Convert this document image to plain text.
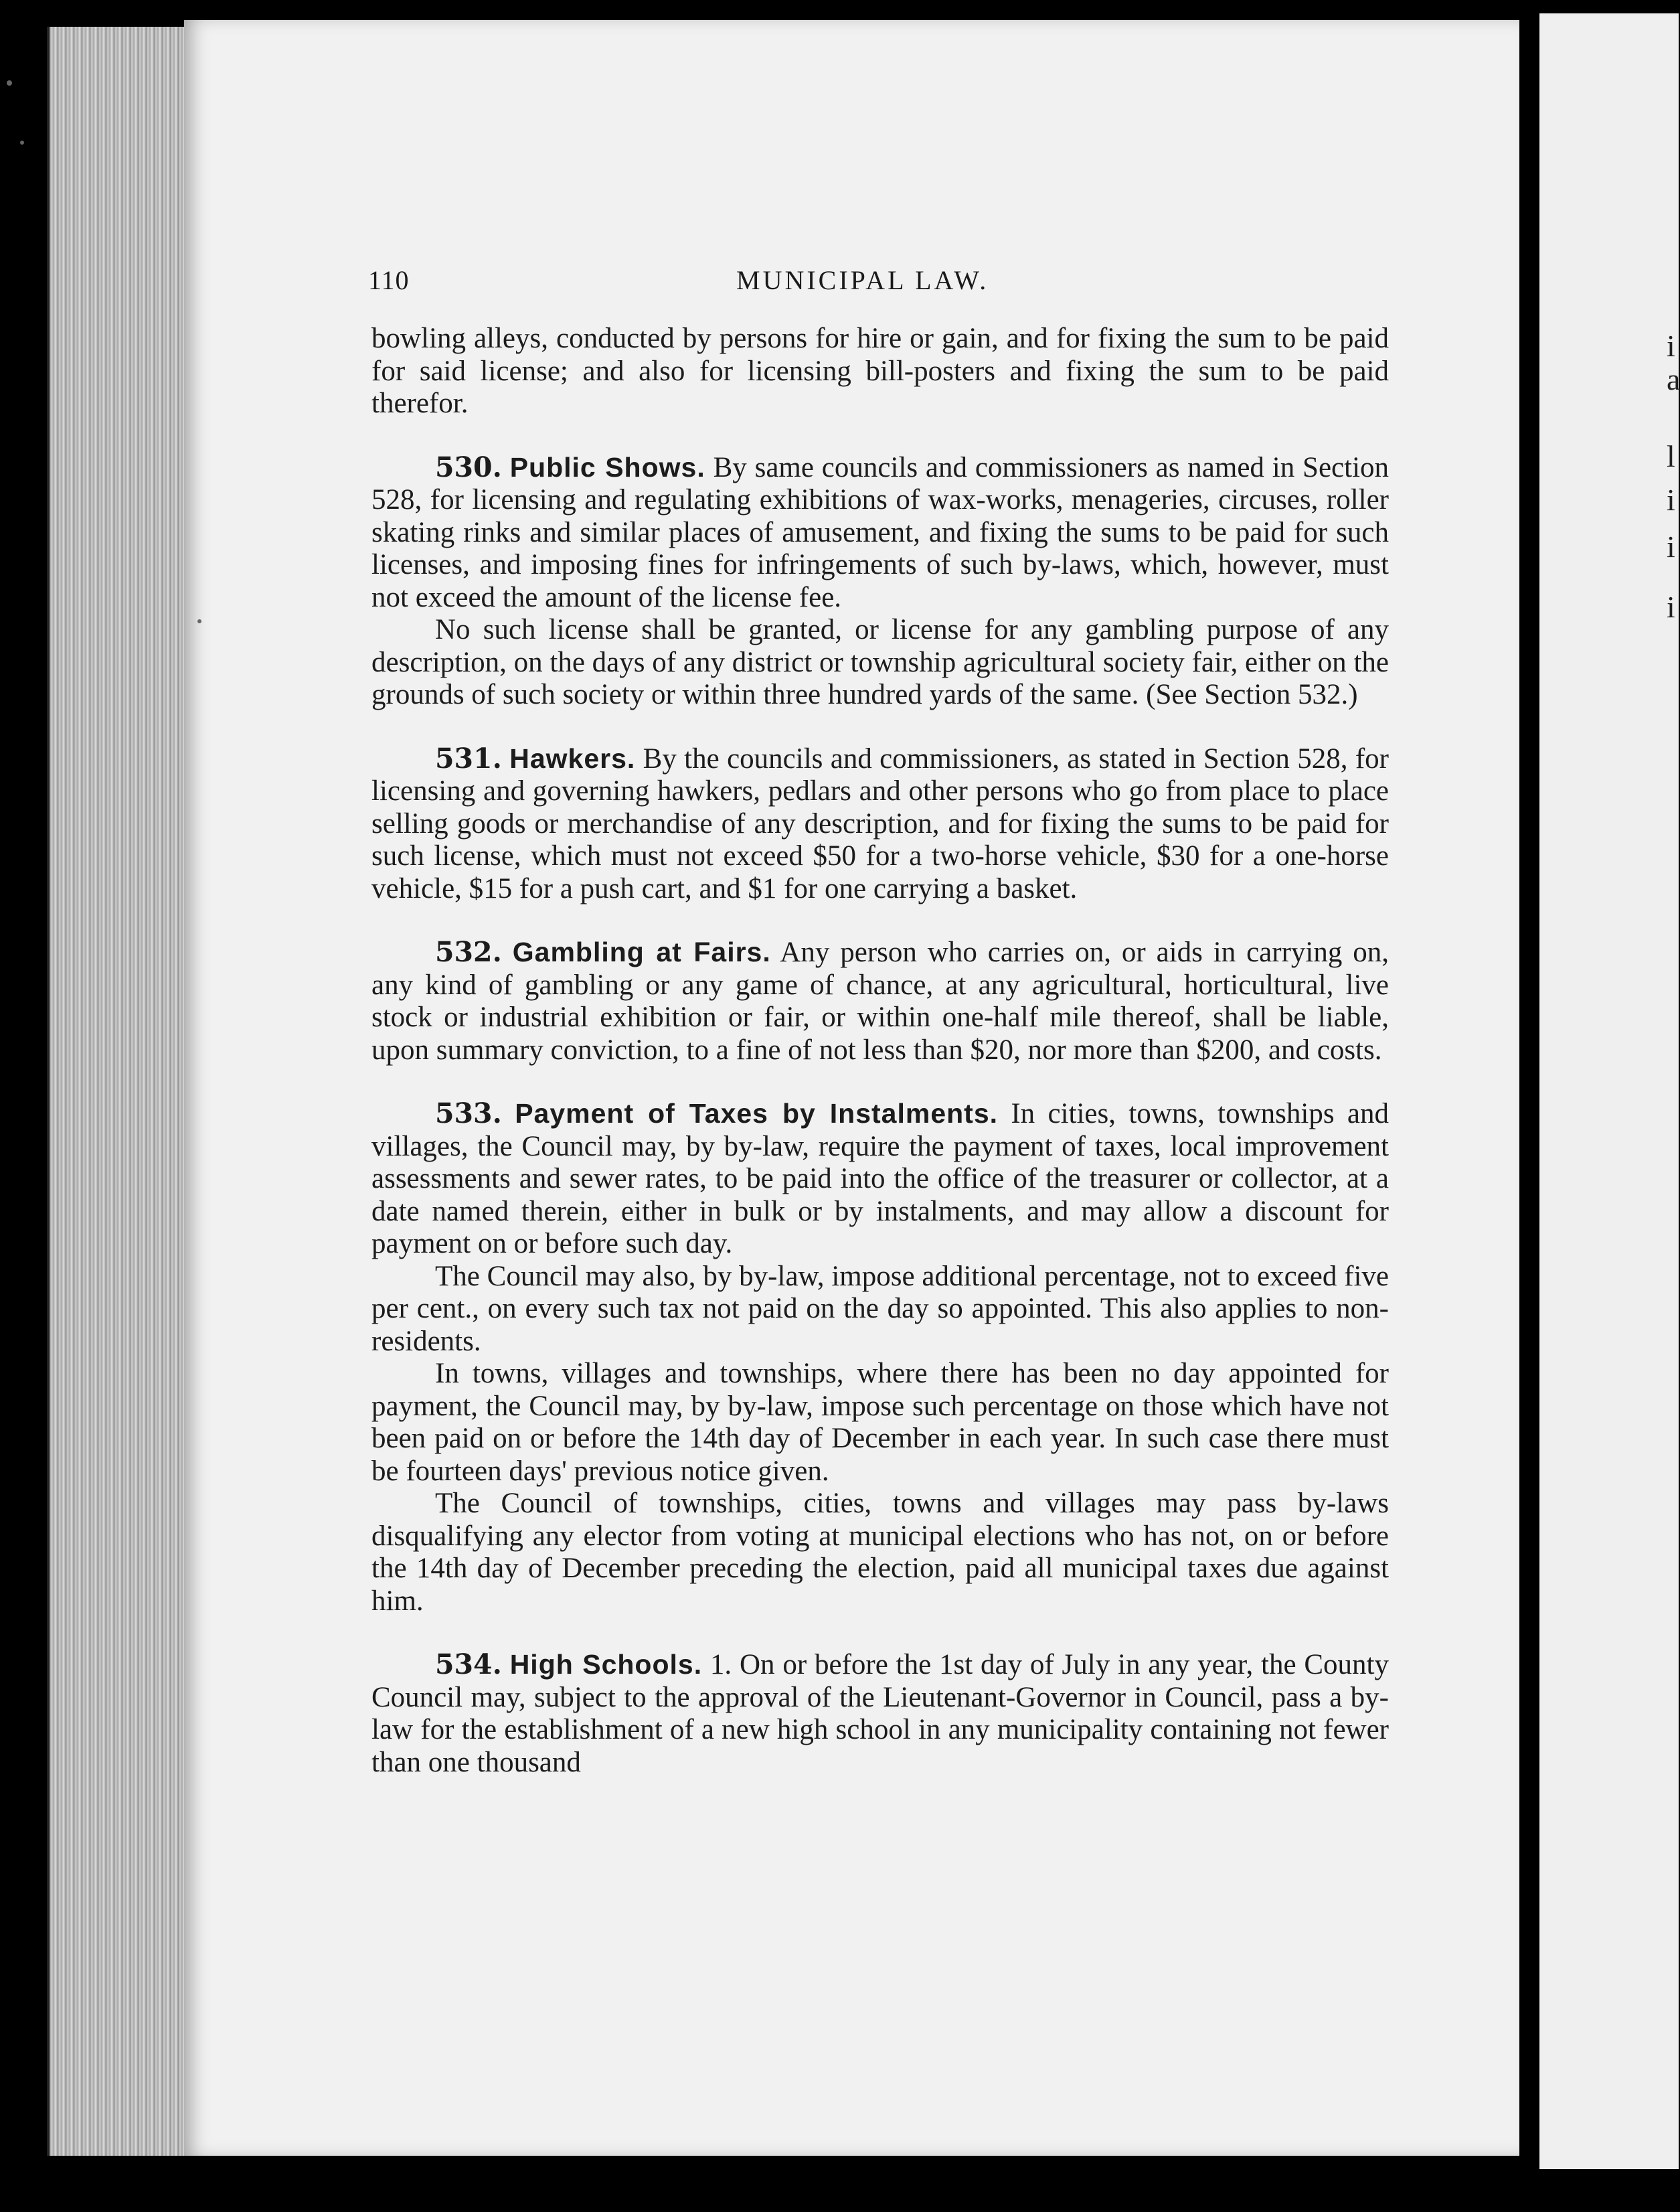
110	MUNICIPAL LAW.

bowling alleys, conducted by persons for hire or gain, and for fixing the sum to be paid for said license; and also for licensing bill-posters and fixing the sum to be paid therefor.

530. Public Shows. By same councils and commissioners as named in Section 528, for licensing and regulating exhibitions of wax-works, menageries, circuses, roller skating rinks and similar places of amusement, and fixing the sums to be paid for such licenses, and imposing fines for infringements of such by-laws, which, however, must not exceed the amount of the license fee.

No such license shall be granted, or license for any gambling purpose of any description, on the days of any district or township agricultural society fair, either on the grounds of such society or within three hundred yards of the same. (See Section 532.)

531. Hawkers. By the councils and commissioners, as stated in Section 528, for licensing and governing hawkers, pedlars and other persons who go from place to place selling goods or merchandise of any description, and for fixing the sums to be paid for such license, which must not exceed $50 for a two-horse vehicle, $30 for a one-horse vehicle, $15 for a push cart, and $1 for one carrying a basket.

532. Gambling at Fairs. Any person who carries on, or aids in carrying on, any kind of gambling or any game of chance, at any agricultural, horticultural, live stock or industrial exhibition or fair, or within one-half mile thereof, shall be liable, upon summary conviction, to a fine of not less than $20, nor more than $200, and costs.

533. Payment of Taxes by Instalments. In cities, towns, townships and villages, the Council may, by by-law, require the payment of taxes, local improvement assessments and sewer rates, to be paid into the office of the treasurer or collector, at a date named therein, either in bulk or by instalments, and may allow a discount for payment on or before such day.

The Council may also, by by-law, impose additional percentage, not to exceed five per cent., on every such tax not paid on the day so appointed. This also applies to non-residents.

In towns, villages and townships, where there has been no day appointed for payment, the Council may, by by-law, impose such percentage on those which have not been paid on or before the 14th day of December in each year. In such case there must be fourteen days' previous notice given.

The Council of townships, cities, towns and villages may pass by-laws disqualifying any elector from voting at municipal elections who has not, on or before the 14th day of December preceding the election, paid all municipal taxes due against him.

534. High Schools. 1. On or before the 1st day of July in any year, the County Council may, subject to the approval of the Lieutenant-Governor in Council, pass a by-law for the establishment of a new high school in any municipality containing not fewer than one thousand

i
a
l
i
i
i
